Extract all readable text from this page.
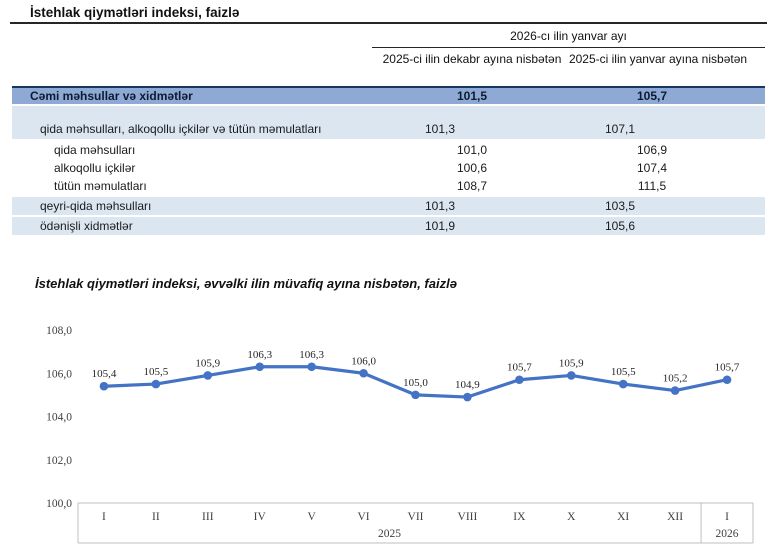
İstehlak qiymətləri indeksi, faizlə
2026-cı ilin yanvar ayı
2025-ci ilin dekabr ayına nisbətən 2025-ci ilin yanvar ayına nisbətən
Cəmi məhsullar və xidmətlər	101,5	105,7
qida məhsulları, alkoqollu içkilər və tütün məmulatları	101,3	107,1
qida məhsulları	101,0	106,9
alkoqollu içkilər	100,6	107,4
tütün məmulatları	108,7	111,5
qeyri-qida məhsulları	101,3	103,5
ödənişli xidmətlər	101,9	105,6
İstehlak qiymətləri indeksi, əvvəlki ilin müvafiq ayına nisbətən, faizlə
100,0
102,0
104,0
106,0
108,0
2025	2026
I	II	III	IV	V	VI	VII	VIII	IX	X	XI	XII	I
105,4 105,5
105,9
106,3 106,3
106,0
105,0 104,9
105,7 105,9
105,5
105,2
105,7
